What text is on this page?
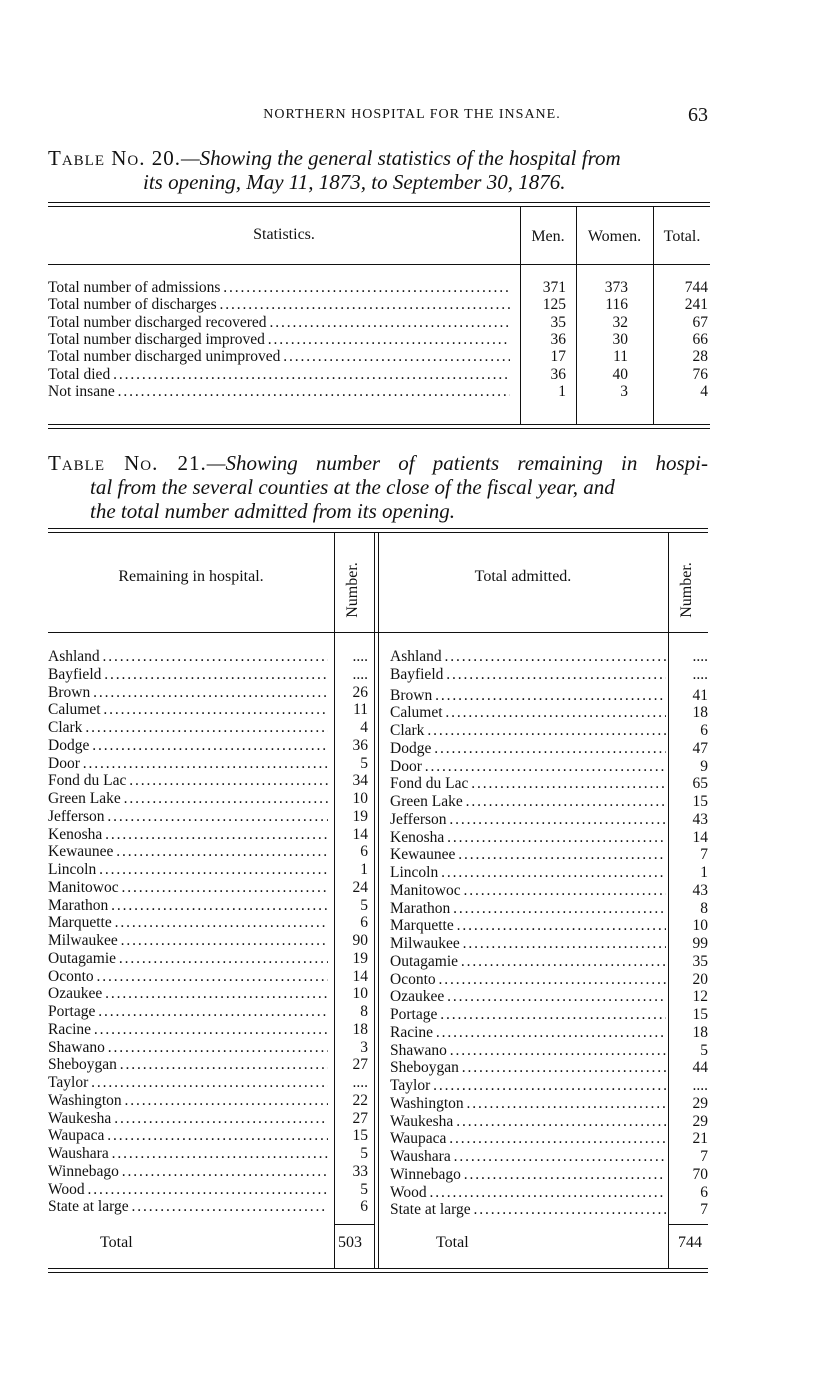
NORTHERN HOSPITAL FOR THE INSANE.	63
Table No. 20.—Showing the general statistics of the hospital from
its opening, May 11, 1873, to September 30, 1876.
Statistics.	Men.	Women.	Total.
Total number of admissions . . .	371	373	744
Total number of discharges . . .	125	116	241
Total number discharged recovered . . .	35	32	67
Total number discharged improved . . .	36	30	66
Total number discharged unimproved . . .	17	11	28
Total died . . .	36	40	76
Not insane . . .	1	3	4
Table No. 21.—Showing number of patients remaining in hospi-
tal from the several counties at the close of the fiscal year, and
the total number admitted from its opening.
Remaining in hospital.	Number.	Total admitted.	Number.
Ashland . . .	.... Ashland . . .	....
Bayfield . . .	.... Bayfield . . .	....
Brown . . .	26 Brown . . .	41
Calumet . . .	11 Calumet . . .	18
Clark . . .	4 Clark . . .	6
Dodge . . .	36 Dodge . . .	47
Door . . .	5 Door . . .	9
Fond du Lac . . .	34 Fond du Lac . . .	65
Green Lake . . .	10 Green Lake . . .	15
Jefferson . . .	19 Jefferson . . .	43
Kenosha . . .	14 Kenosha . . .	14
Kewaunee . . .	6 Kewaunee . . .	7
Lincoln . . .	1 Lincoln . . .	1
Manitowoc . . .	24 Manitowoc . . .	43
Marathon . . .	5 Marathon . . .	8
Marquette . . .	6 Marquette . . .	10
Milwaukee . . .	90 Milwaukee . . .	99
Outagamie . . .	19 Outagamie . . .	35
Oconto . . .	14 Oconto . . .	20
Ozaukee . . .	10 Ozaukee . . .	12
Portage . . .	8 Portage . . .	15
Racine . . .	18 Racine . . .	18
Shawano . . .	3 Shawano . . .	5
Sheboygan . . .	27 Sheboygan . . .	44
Taylor . . .	.... Taylor . . .	....
Washington . . .	22 Washington . . .	29
Waukesha . . .	27 Waukesha . . .	29
Waupaca . . .	15 Waupaca . . .	21
Waushara . . .	5 Waushara . . .	7
Winnebago . . .	33 Winnebago . . .	70
Wood . . .	5 Wood . . .	6
State at large . . .	6 State at large . . .	7
Total	503	Total	744
